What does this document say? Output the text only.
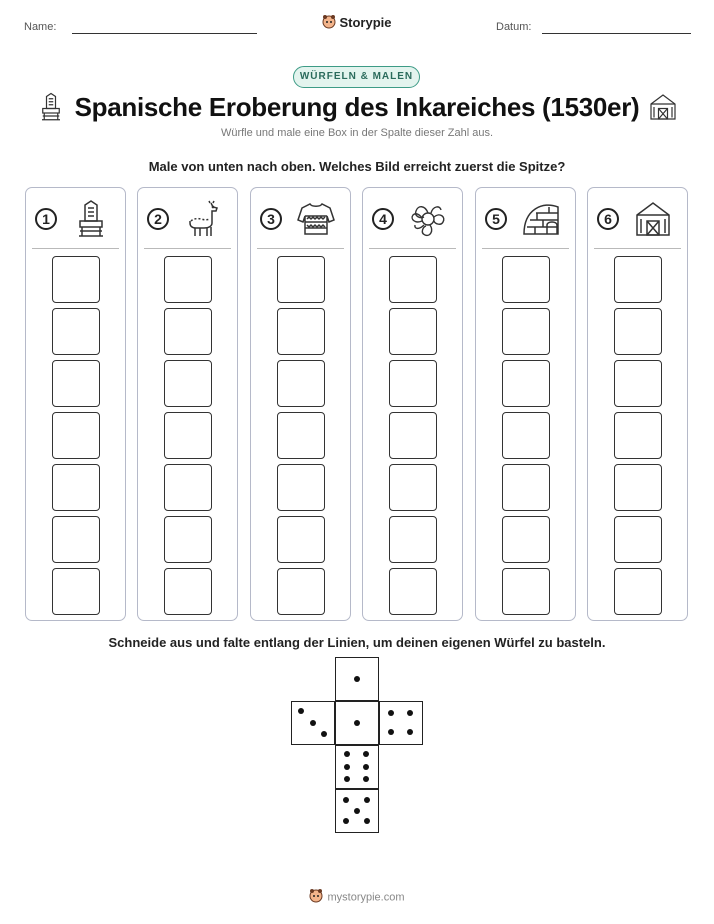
Name:	Storypie	Datum:
WÜRFELN & MALEN
Spanische Eroberung des Inkareiches (1530er)
Würfle und male eine Box in der Spalte dieser Zahl aus.
Male von unten nach oben. Welches Bild erreicht zuerst die Spitze?
1	2	3	4	5	6
Schneide aus und falte entlang der Linien, um deinen eigenen Würfel zu basteln.
mystorypie.com
